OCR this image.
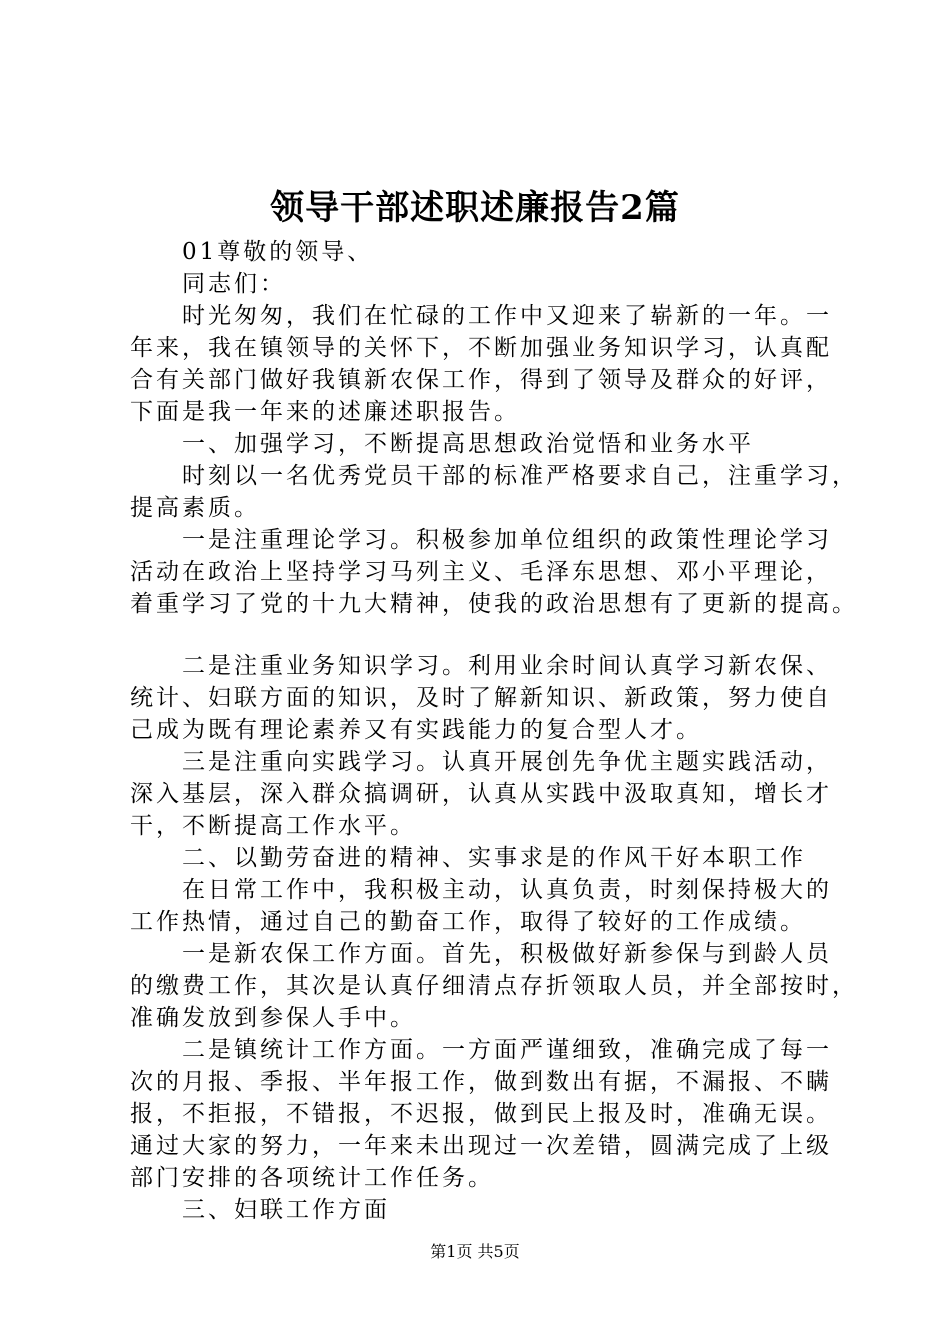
领导干部述职述廉报告2篇
01尊敬的领导、
同志们：
时光匆匆，我们在忙碌的工作中又迎来了崭新的一年。一
年来，我在镇领导的关怀下，不断加强业务知识学习，认真配
合有关部门做好我镇新农保工作，得到了领导及群众的好评，
下面是我一年来的述廉述职报告。
一、加强学习，不断提高思想政治觉悟和业务水平
时刻以一名优秀党员干部的标准严格要求自己，注重学习，
提高素质。
一是注重理论学习。积极参加单位组织的政策性理论学习
活动在政治上坚持学习马列主义、毛泽东思想、邓小平理论，
着重学习了党的十九大精神，使我的政治思想有了更新的提高。
二是注重业务知识学习。利用业余时间认真学习新农保、
统计、妇联方面的知识，及时了解新知识、新政策，努力使自
己成为既有理论素养又有实践能力的复合型人才。
三是注重向实践学习。认真开展创先争优主题实践活动，
深入基层，深入群众搞调研，认真从实践中汲取真知，增长才
干，不断提高工作水平。
二、以勤劳奋进的精神、实事求是的作风干好本职工作
在日常工作中，我积极主动，认真负责，时刻保持极大的
工作热情，通过自己的勤奋工作，取得了较好的工作成绩。
一是新农保工作方面。首先，积极做好新参保与到龄人员
的缴费工作，其次是认真仔细清点存折领取人员，并全部按时，
准确发放到参保人手中。
二是镇统计工作方面。一方面严谨细致，准确完成了每一
次的月报、季报、半年报工作，做到数出有据，不漏报、不瞒
报，不拒报，不错报，不迟报，做到民上报及时，准确无误。
通过大家的努力，一年来未出现过一次差错，圆满完成了上级
部门安排的各项统计工作任务。
三、妇联工作方面
第1页 共5页
